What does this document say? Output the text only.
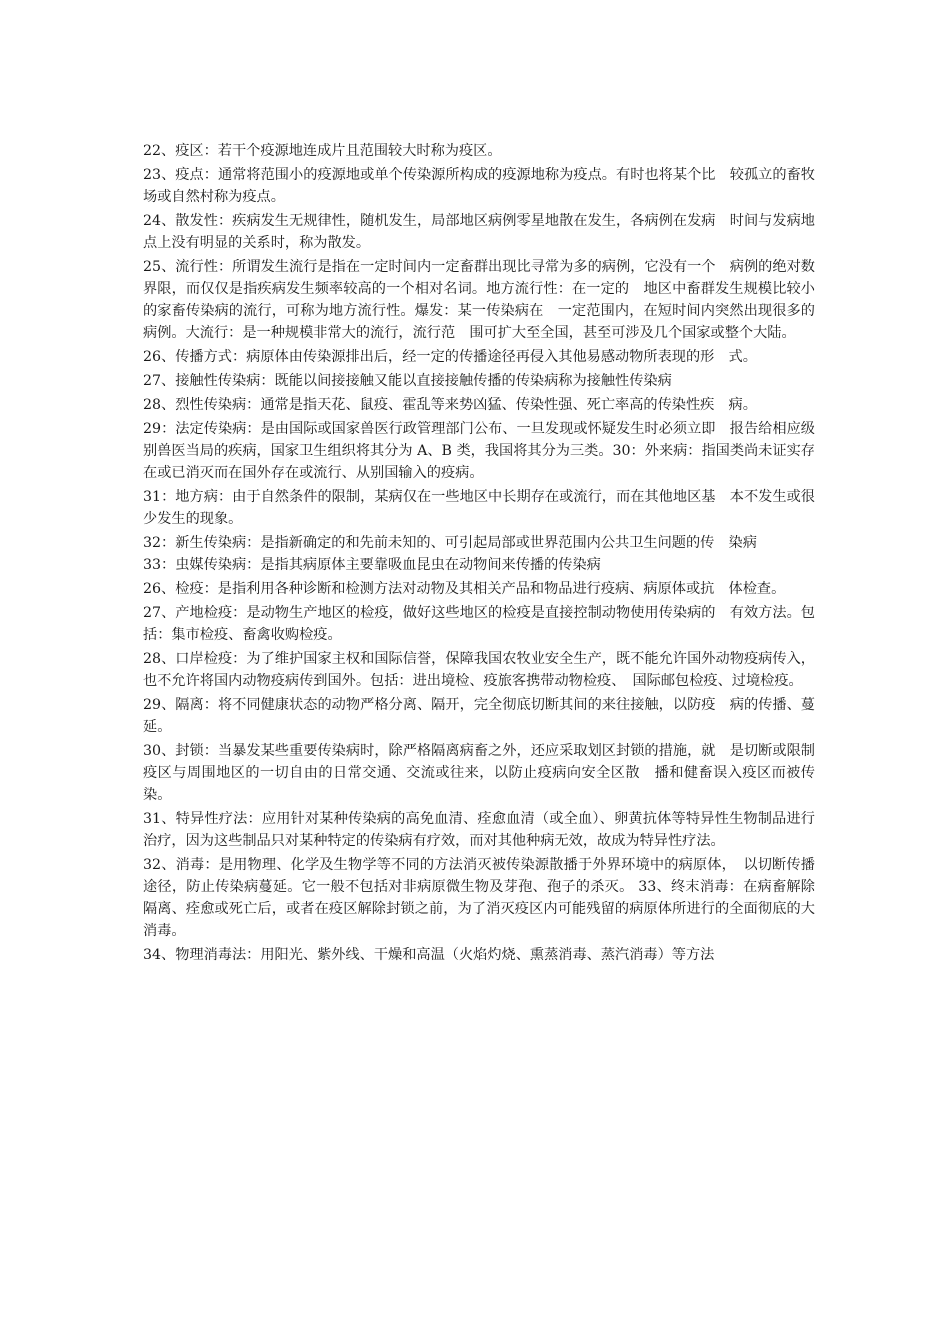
22、疫区：若干个疫源地连成片且范围较大时称为疫区。

23、疫点：通常将范围小的疫源地或单个传染源所构成的疫源地称为疫点。有时也将某个比　较孤立的畜牧场或自然村称为疫点。

24、散发性：疾病发生无规律性，随机发生，局部地区病例零星地散在发生，各病例在发病　时间与发病地点上没有明显的关系时，称为散发。

25、流行性：所谓发生流行是指在一定时间内一定畜群出现比寻常为多的病例，它没有一个　病例的绝对数界限，而仅仅是指疾病发生频率较高的一个相对名词。地方流行性：在一定的　地区中畜群发生规模比较小的家畜传染病的流行，可称为地方流行性。爆发：某一传染病在　一定范围内，在短时间内突然出现很多的病例。大流行：是一种规模非常大的流行，流行范　围可扩大至全国，甚至可涉及几个国家或整个大陆。

26、传播方式：病原体由传染源排出后，经一定的传播途径再侵入其他易感动物所表现的形　式。

27、接触性传染病：既能以间接接触又能以直接接触传播的传染病称为接触性传染病

28、烈性传染病：通常是指天花、鼠疫、霍乱等来势凶猛、传染性强、死亡率高的传染性疾　病。

29：法定传染病：是由国际或国家兽医行政管理部门公布、一旦发现或怀疑发生时必须立即　报告给相应级别兽医当局的疾病，国家卫生组织将其分为 A、B 类，我国将其分为三类。30：外来病：指国类尚未证实存在或已消灭而在国外存在或流行、从别国输入的疫病。

31：地方病：由于自然条件的限制，某病仅在一些地区中长期存在或流行，而在其他地区基　本不发生或很少发生的现象。

32：新生传染病：是指新确定的和先前未知的、可引起局部或世界范围内公共卫生问题的传　染病

33：虫媒传染病：是指其病原体主要靠吸血昆虫在动物间来传播的传染病

26、检疫：是指利用各种诊断和检测方法对动物及其相关产品和物品进行疫病、病原体或抗　体检查。

27、产地检疫：是动物生产地区的检疫，做好这些地区的检疫是直接控制动物使用传染病的　有效方法。包括：集市检疫、畜禽收购检疫。

28、口岸检疫：为了维护国家主权和国际信誉，保障我国农牧业安全生产，既不能允许国外动物疫病传入，也不允许将国内动物疫病传到国外。包括：进出境检、疫旅客携带动物检疫、　国际邮包检疫、过境检疫。

29、隔离：将不同健康状态的动物严格分离、隔开，完全彻底切断其间的来往接触，以防疫　病的传播、蔓延。

30、封锁：当暴发某些重要传染病时，除严格隔离病畜之外，还应采取划区封锁的措施，就　是切断或限制疫区与周围地区的一切自由的日常交通、交流或往来，以防止疫病向安全区散　播和健畜误入疫区而被传染。

31、特异性疗法：应用针对某种传染病的高免血清、痊愈血清（或全血）、卵黄抗体等特异性生物制品进行治疗，因为这些制品只对某种特定的传染病有疗效，而对其他种病无效，故成为特异性疗法。

32、消毒：是用物理、化学及生物学等不同的方法消灭被传染源散播于外界环境中的病原体，　以切断传播途径，防止传染病蔓延。它一般不包括对非病原微生物及芽孢、孢子的杀灭。 33、终末消毒：在病畜解除隔离、痊愈或死亡后，或者在疫区解除封锁之前，为了消灭疫区内可能残留的病原体所进行的全面彻底的大消毒。

34、物理消毒法：用阳光、紫外线、干燥和高温（火焰灼烧、熏蒸消毒、蒸汽消毒）等方法
